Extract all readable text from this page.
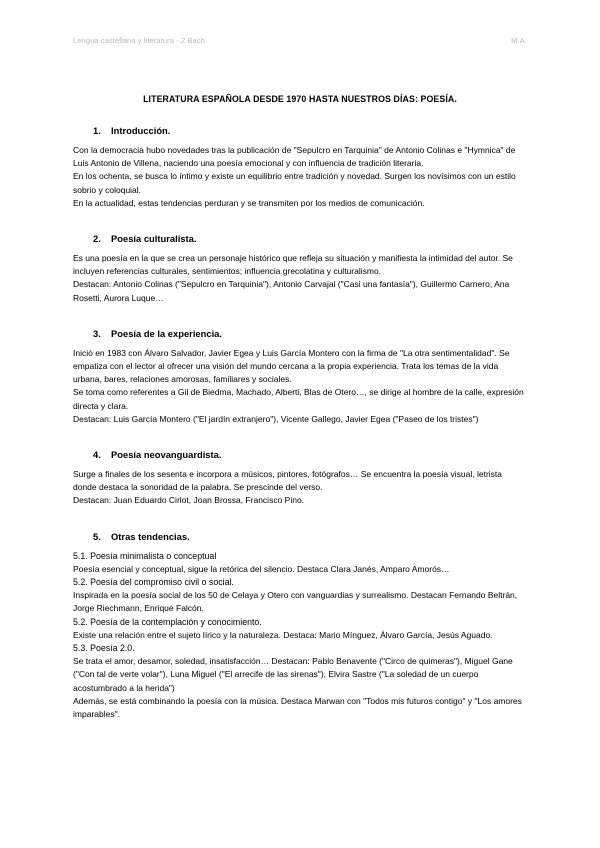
Lengua castellana y literatura - 2 Bach.	M.A.
LITERATURA ESPAÑOLA DESDE 1970 HASTA NUESTROS DÍAS: POESÍA.
1. Introducción.

Con la democracia hubo novedades tras la publicación de "Sepulcro en Tarquinia" de Antonio Colinas e "Hymnica" de Luis Antonio de Villena, naciendo una poesía emocional y con influencia de tradición literaria.

En los ochenta, se busca lo íntimo y existe un equilibrio entre tradición y novedad. Surgen los novísimos con un estilo sobrio y coloquial.

En la actualidad, estas tendencias perduran y se transmiten por los medios de comunicación.

2. Poesía culturalista.

Es una poesía en la que se crea un personaje histórico que refleja su situación y manifiesta la intimidad del autor. Se incluyen referencias culturales, sentimientos; influencia grecolatina y culturalismo.

Destacan: Antonio Colinas ("Sepulcro en Tarquinia"), Antonio Carvajal ("Casi una fantasía"), Guillermo Carnero, Ana Rosetti, Aurora Luque…

3. Poesía de la experiencia.

Inició en 1983 con Álvaro Salvador, Javier Egea y Luis García Montero con la firma de "La otra sentimentalidad". Se empatiza con el lector al ofrecer una visión del mundo cercana a la propia experiencia. Trata los temas de la vida urbana, bares, relaciones amorosas, familiares y sociales.

Se toma como referentes a Gil de Biedma, Machado, Alberti, Blas de Otero…, se dirige al hombre de la calle, expresión directa y clara.

Destacan: Luis García Montero ("El jardín extranjero"), Vicente Gallego, Javier Egea ("Paseo de los tristes")

4. Poesía neovanguardista.

Surge a finales de los sesenta e incorpora a músicos, pintores, fotógrafos… Se encuentra la poesía visual, letrista donde destaca la sonoridad de la palabra. Se prescinde del verso.

Destacan: Juan Eduardo Cirlot, Joan Brossa, Francisco Pino.

5. Otras tendencias.

5.1. Poesía minimalista o conceptual

Poesía esencial y conceptual, sigue la retórica del silencio. Destaca Clara Janés, Amparo Amorós…

5.2. Poesía del compromiso civil o social.

Inspirada en la poesía social de los 50 de Celaya y Otero con vanguardias y surrealismo. Destacan Fernando Beltrán, Jorge Riechmann, Enrique Falcón.

5.2. Poesía de la contemplación y conocimiento.

Existe una relación entre el sujeto lírico y la naturaleza. Destaca: Mario Mínguez, Álvaro García, Jesús Aguado.

5.3. Poesía 2.0.

Se trata el amor, desamor, soledad, insatisfacción… Destacan: Pablo Benavente ("Circo de quimeras"), Miguel Gane ("Con tal de verte volar"), Luna Miguel ("El arrecife de las sirenas"), Elvira Sastre ("La soledad de un cuerpo acostumbrado a la herida")

Además, se está combinando la poesía con la música. Destaca Marwan con "Todos mis futuros contigo" y "Los amores imparables".
